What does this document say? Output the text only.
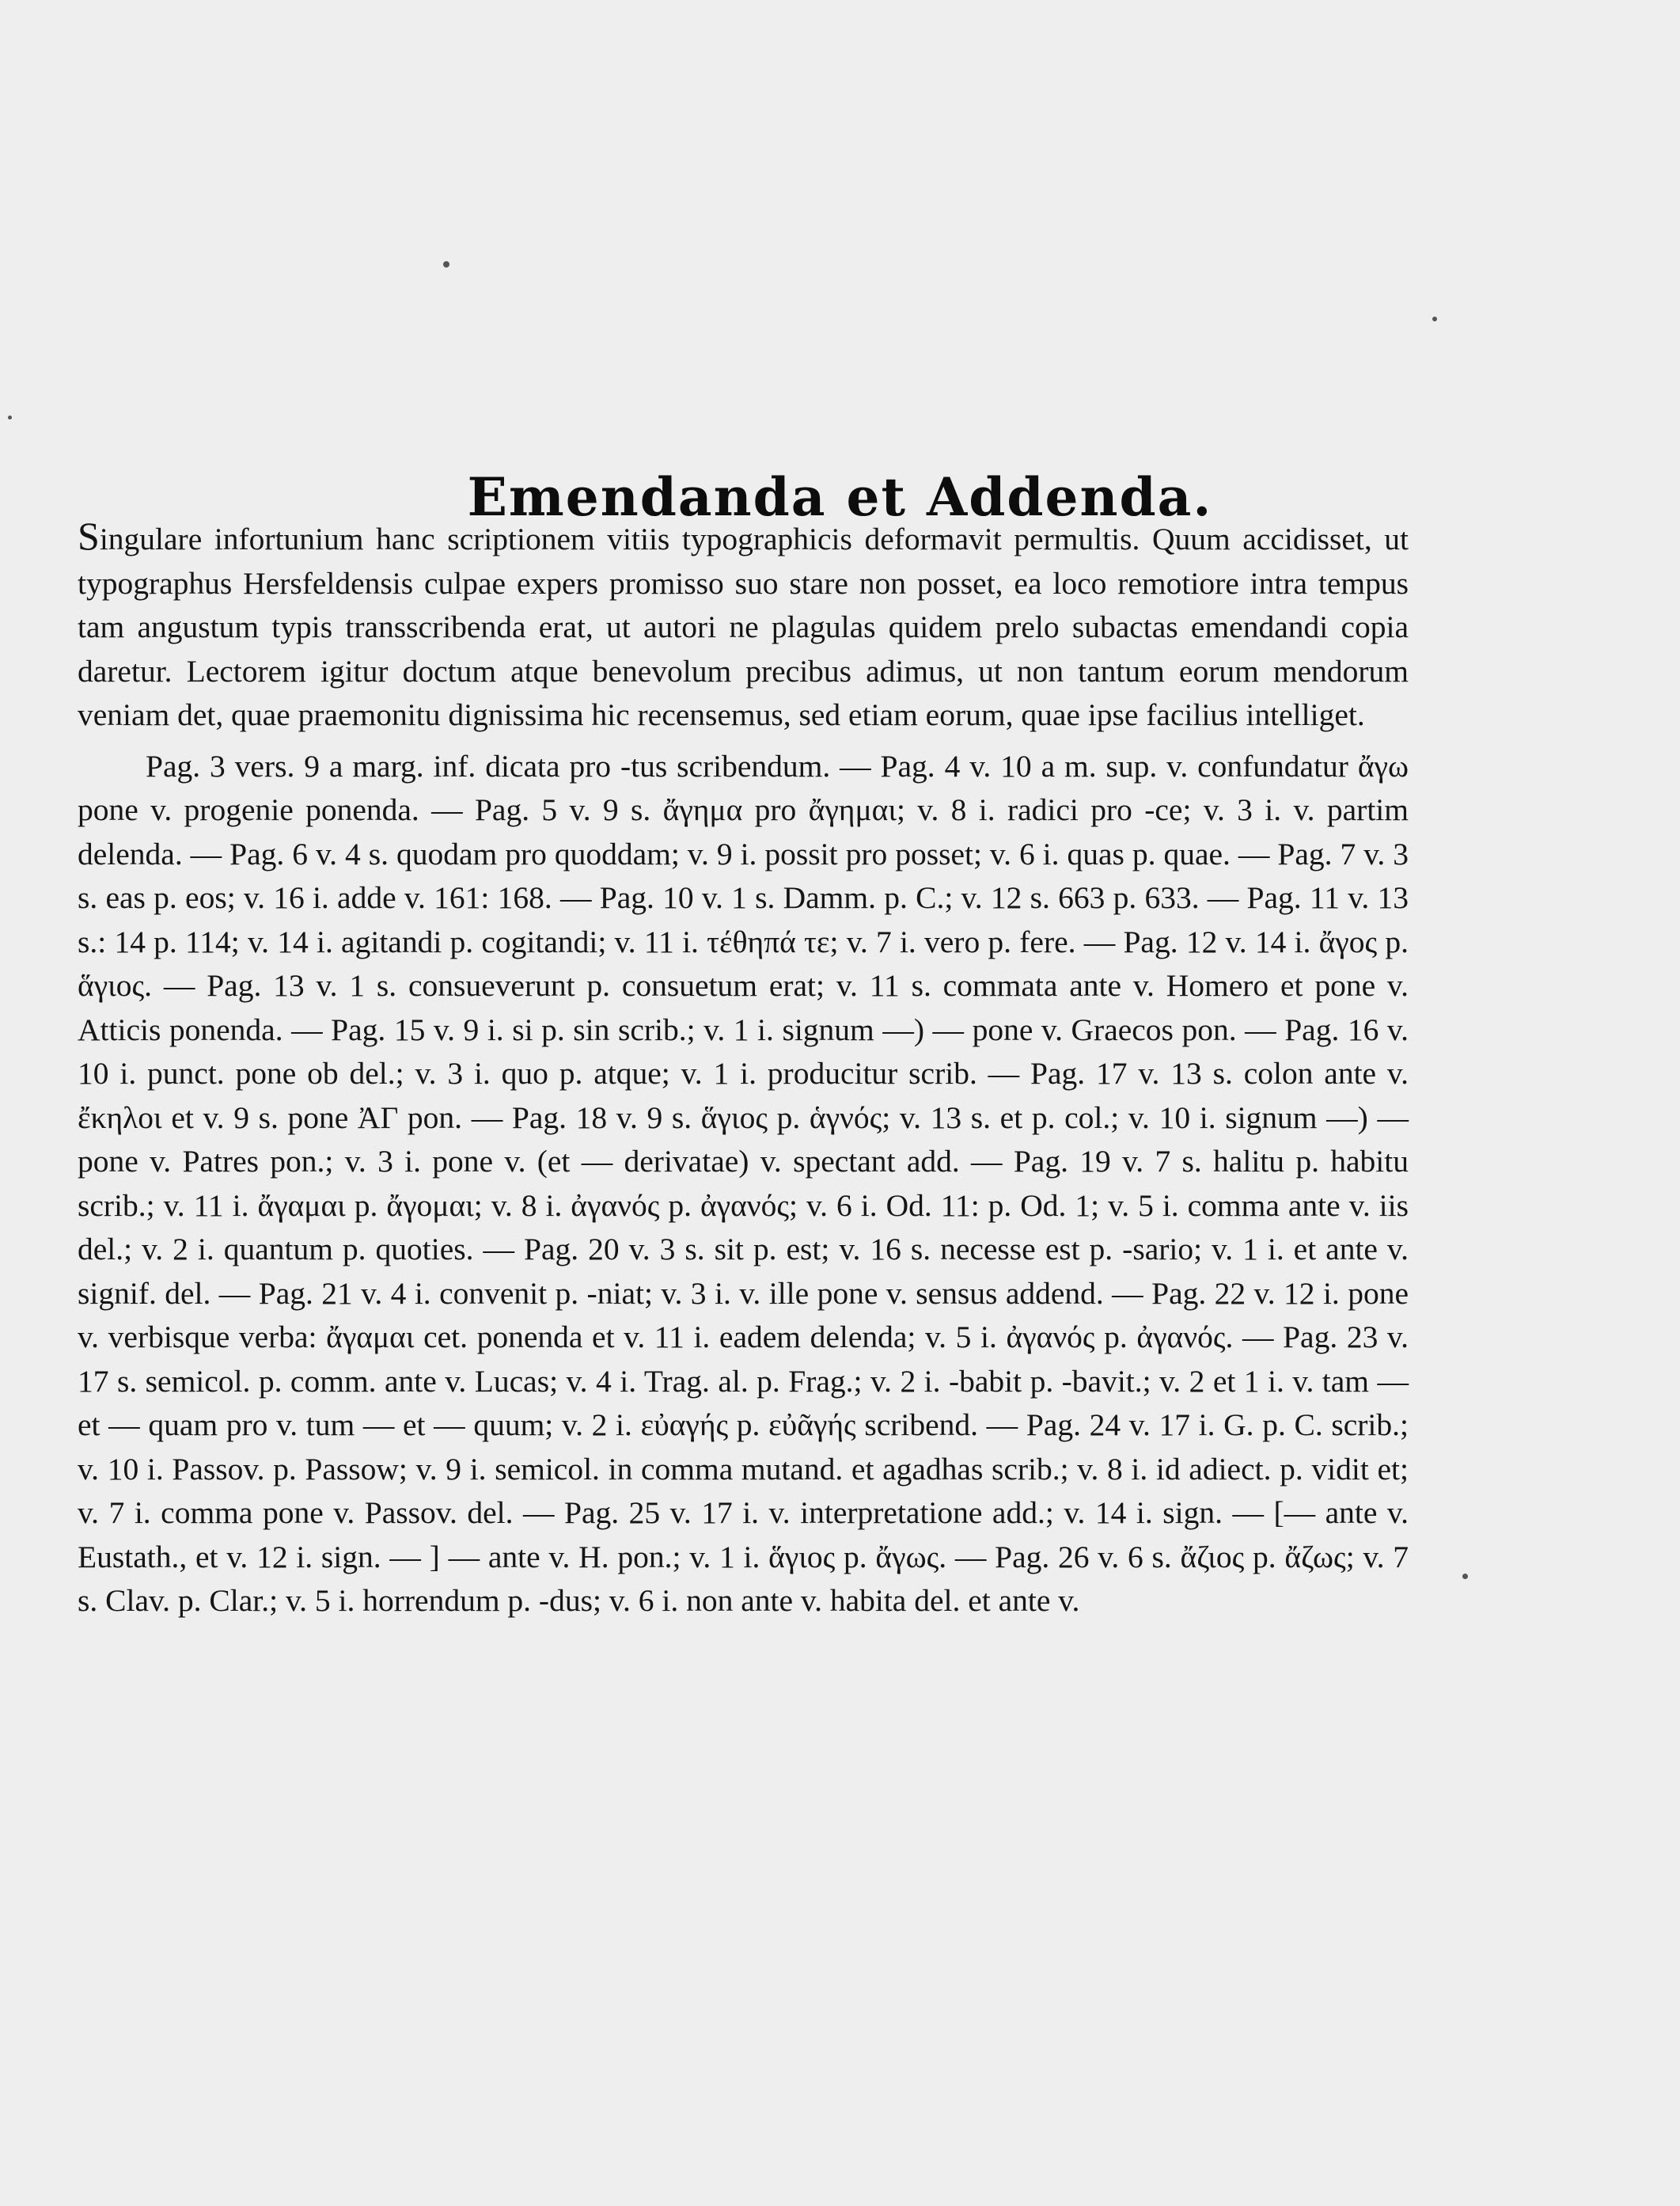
Emendanda et Addenda.

Singulare infortunium hanc scriptionem vitiis typographicis deformavit permultis. Quum accidisset, ut typographus Hersfeldensis culpae expers promisso suo stare non posset, ea loco remotiore intra tempus tam angustum typis transscribenda erat, ut autori ne plagulas quidem prelo subactas emendandi copia daretur. Lectorem igitur doctum atque benevolum precibus adimus, ut non tantum eorum mendorum veniam det, quae praemonitu dignissima hic recensemus, sed etiam eorum, quae ipse facilius intelliget.

Pag. 3 vers. 9 a marg. inf. dicata pro -tus scribendum. — Pag. 4 v. 10 a m. sup. v. confundatur ἄγω pone v. progenie ponenda. — Pag. 5 v. 9 s. ἄγημα pro ἄγημαι; v. 8 i. radici pro -ce; v. 3 i. v. partim delenda. — Pag. 6 v. 4 s. quodam pro quoddam; v. 9 i. possit pro posset; v. 6 i. quas p. quae. — Pag. 7 v. 3 s. eas p. eos; v. 16 i. adde v. 161: 168. — Pag. 10 v. 1 s. Damm. p. C.; v. 12 s. 663 p. 633. — Pag. 11 v. 13 s.: 14 p. 114; v. 14 i. agitandi p. cogitandi; v. 11 i. τέθηπά τε; v. 7 i. vero p. fere. — Pag. 12 v. 14 i. ἄγος p. ἅγιος. — Pag. 13 v. 1 s. consueverunt p. consuetum erat; v. 11 s. commata ante v. Homero et pone v. Atticis ponenda. — Pag. 15 v. 9 i. si p. sin scrib.; v. 1 i. signum —) — pone v. Graecos pon. — Pag. 16 v. 10 i. punct. pone ob del.; v. 3 i. quo p. atque; v. 1 i. producitur scrib. — Pag. 17 v. 13 s. colon ante v. ἔκηλοι et v. 9 s. pone ἈΓ pon. — Pag. 18 v. 9 s. ἅγιος p. ἁγνός; v. 13 s. et p. col.; v. 10 i. signum —) — pone v. Patres pon.; v. 3 i. pone v. (et — derivatae) v. spectant add. — Pag. 19 v. 7 s. halitu p. habitu scrib.; v. 11 i. ἄγαμαι p. ἄγομαι; v. 8 i. ἀγανός p. ἀγανός; v. 6 i. Od. 11: p. Od. 1; v. 5 i. comma ante v. iis del.; v. 2 i. quantum p. quoties. — Pag. 20 v. 3 s. sit p. est; v. 16 s. necesse est p. -sario; v. 1 i. et ante v. signif. del. — Pag. 21 v. 4 i. convenit p. -niat; v. 3 i. v. ille pone v. sensus addend. — Pag. 22 v. 12 i. pone v. verbisque verba: ἄγαμαι cet. ponenda et v. 11 i. eadem delenda; v. 5 i. ἀγανός p. ἀγανός. — Pag. 23 v. 17 s. semicol. p. comm. ante v. Lucas; v. 4 i. Trag. al. p. Frag.; v. 2 i. -babit p. -bavit.; v. 2 et 1 i. v. tam — et — quam pro v. tum — et — quum; v. 2 i. εὐαγής p. εὐᾶγής scribend. — Pag. 24 v. 17 i. G. p. C. scrib.; v. 10 i. Passov. p. Passow; v. 9 i. semicol. in comma mutand. et agadhas scrib.; v. 8 i. id adiect. p. vidit et; v. 7 i. comma pone v. Passov. del. — Pag. 25 v. 17 i. v. interpretatione add.; v. 14 i. sign. — [— ante v. Eustath., et v. 12 i. sign. — ] — ante v. H. pon.; v. 1 i. ἅγιος p. ἄγως. — Pag. 26 v. 6 s. ἄζιος p. ἄζως; v. 7 s. Clav. p. Clar.; v. 5 i. horrendum p. -dus; v. 6 i. non ante v. habita del. et ante v.
